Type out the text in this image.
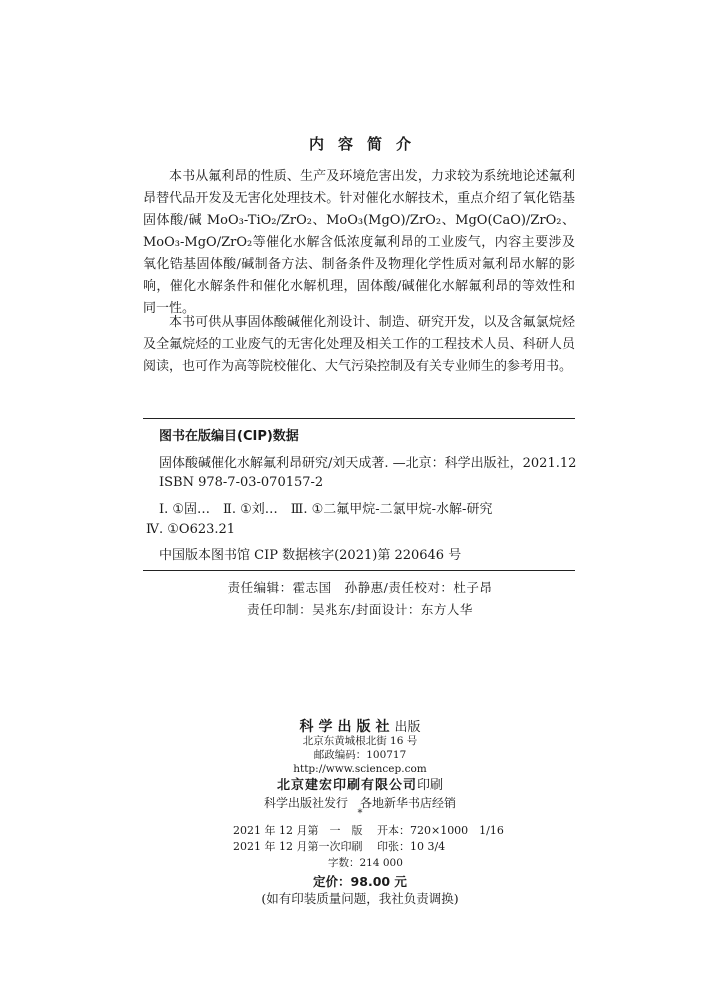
内容简介
本书从氟利昂的性质、生产及环境危害出发，力求较为系统地论述氟利昂替代品开发及无害化处理技术。针对催化水解技术，重点介绍了氧化锆基固体酸/碱 MoO₃-TiO₂/ZrO₂、MoO₃(MgO)/ZrO₂、MgO(CaO)/ZrO₂、MoO₃-MgO/ZrO₂等催化水解含低浓度氟利昂的工业废气，内容主要涉及氧化锆基固体酸/碱制备方法、制备条件及物理化学性质对氟利昂水解的影响，催化水解条件和催化水解机理，固体酸/碱催化水解氟利昂的等效性和同一性。
本书可供从事固体酸碱催化剂设计、制造、研究开发，以及含氟氯烷烃及全氟烷烃的工业废气的无害化处理及相关工作的工程技术人员、科研人员阅读，也可作为高等院校催化、大气污染控制及有关专业师生的参考用书。
图书在版编目(CIP)数据
固体酸碱催化水解氟利昂研究/刘天成著. —北京：科学出版社，2021.12
ISBN 978-7-03-070157-2
Ⅰ. ①固…　Ⅱ. ①刘…　Ⅲ. ①二氟甲烷-二氯甲烷-水解-研究
Ⅳ. ①O623.21
中国版本图书馆 CIP 数据核字(2021)第 220646 号
责任编辑：霍志国　孙静惠/责任校对：杜子昂
责任印制：吴兆东/封面设计：东方人华
科学出版社出版
北京东黄城根北街 16 号
邮政编码：100717
http://www.sciencep.com
北京建宏印刷有限公司印刷
科学出版社发行　各地新华书店经销
*
2021 年 12 月第　一　版　 开本：720×1000　1/16
2021 年 12 月第一次印刷　 印张：10 3/4
字数：214 000
定价：98.00 元
(如有印装质量问题，我社负责调换)
